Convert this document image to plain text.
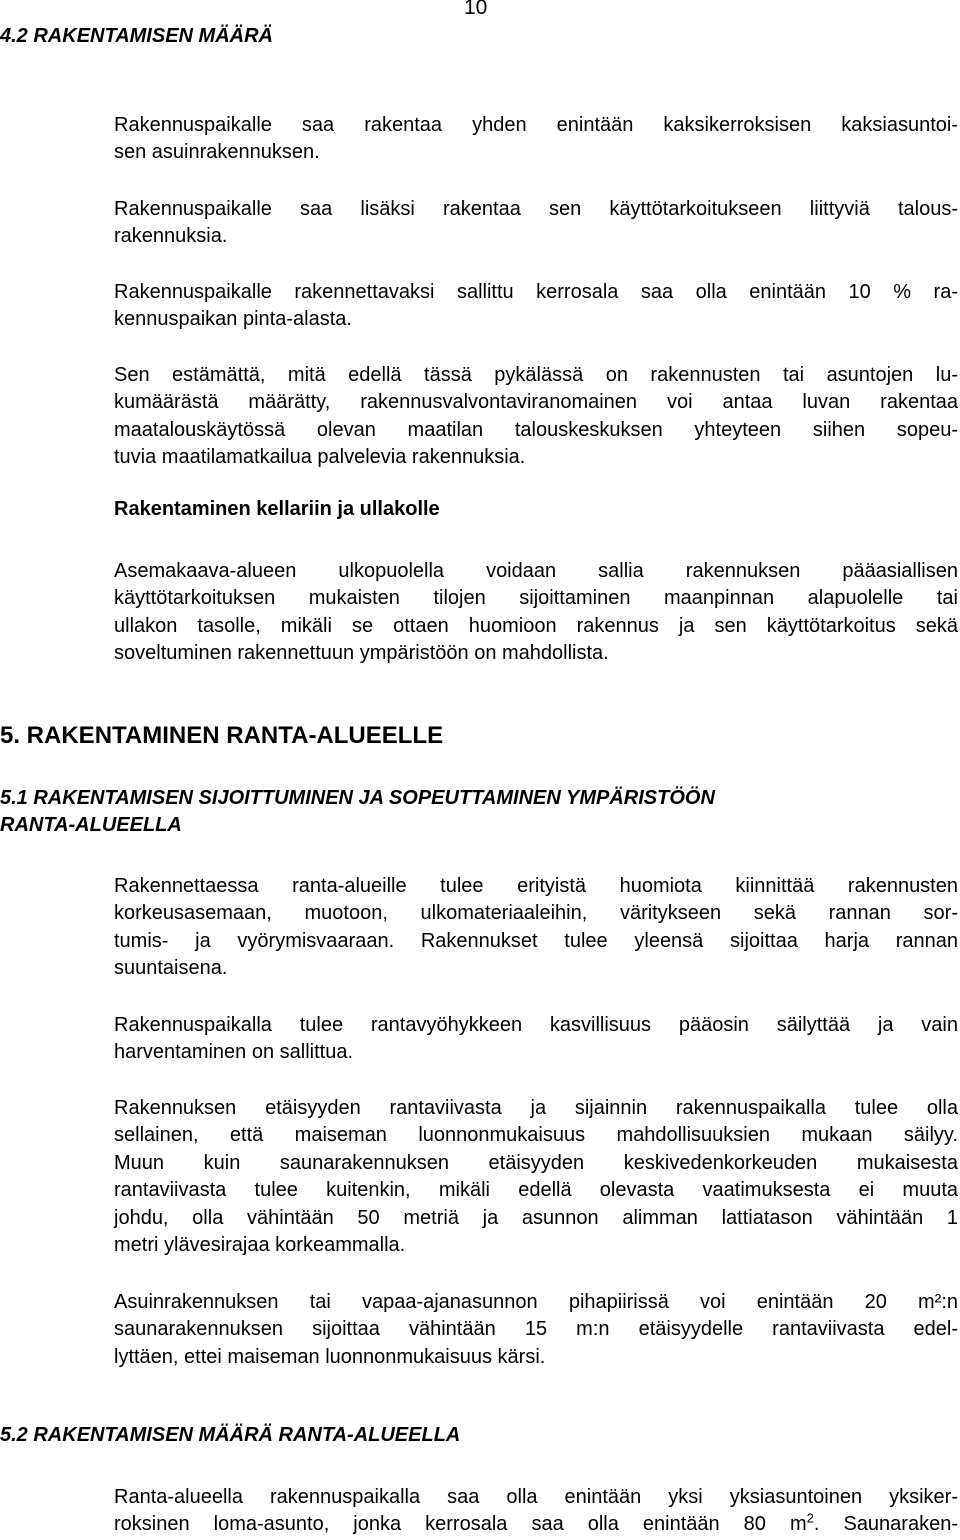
10
4.2 RAKENTAMISEN MÄÄRÄ
Rakennuspaikalle saa rakentaa yhden enintään kaksikerroksisen kaksiasuntoi-
sen asuinrakennuksen.
Rakennuspaikalle saa lisäksi rakentaa sen käyttötarkoitukseen liittyviä talous-
rakennuksia.
Rakennuspaikalle rakennettavaksi sallittu kerrosala saa olla enintään 10 % ra-
kennuspaikan pinta-alasta.
Sen estämättä, mitä edellä tässä pykälässä on rakennusten tai asuntojen lu-
kumäärästä määrätty, rakennusvalvontaviranomainen voi antaa luvan rakentaa
maatalouskäytössä olevan maatilan talouskeskuksen yhteyteen siihen sopeu-
tuvia maatilamatkailua palvelevia rakennuksia.
Rakentaminen kellariin ja ullakolle
Asemakaava-alueen ulkopuolella voidaan sallia rakennuksen pääasiallisen
käyttötarkoituksen mukaisten tilojen sijoittaminen maanpinnan alapuolelle tai
ullakon tasolle, mikäli se ottaen huomioon rakennus ja sen käyttötarkoitus sekä
soveltuminen rakennettuun ympäristöön on mahdollista.
5. RAKENTAMINEN RANTA-ALUEELLE
5.1 RAKENTAMISEN SIJOITTUMINEN JA SOPEUTTAMINEN YMPÄRISTÖÖN
RANTA-ALUEELLA
Rakennettaessa ranta-alueille tulee erityistä huomiota kiinnittää rakennusten
korkeusasemaan, muotoon, ulkomateriaaleihin, väritykseen sekä rannan sor-
tumis- ja vyörymisvaaraan. Rakennukset tulee yleensä sijoittaa harja rannan
suuntaisena.
Rakennuspaikalla tulee rantavyöhykkeen kasvillisuus pääosin säilyttää ja vain
harventaminen on sallittua.
Rakennuksen etäisyyden rantaviivasta ja sijainnin rakennuspaikalla tulee olla
sellainen, että maiseman luonnonmukaisuus mahdollisuuksien mukaan säilyy.
Muun kuin saunarakennuksen etäisyyden keskivedenkorkeuden mukaisesta
rantaviivasta tulee kuitenkin, mikäli edellä olevasta vaatimuksesta ei muuta
johdu, olla vähintään 50 metriä ja asunnon alimman lattiatason vähintään 1
metri ylävesirajaa korkeammalla.
Asuinrakennuksen tai vapaa-ajanasunnon pihapiirissä voi enintään 20 m²:n
saunarakennuksen sijoittaa vähintään 15 m:n etäisyydelle rantaviivasta edel-
lyttäen, ettei maiseman luonnonmukaisuus kärsi.
5.2 RAKENTAMISEN MÄÄRÄ RANTA-ALUEELLA
Ranta-alueella rakennuspaikalla saa olla enintään yksi yksiasuntoinen yksiker-
roksinen loma-asunto, jonka kerrosala saa olla enintään 80 $m^2$. Saunaraken-
